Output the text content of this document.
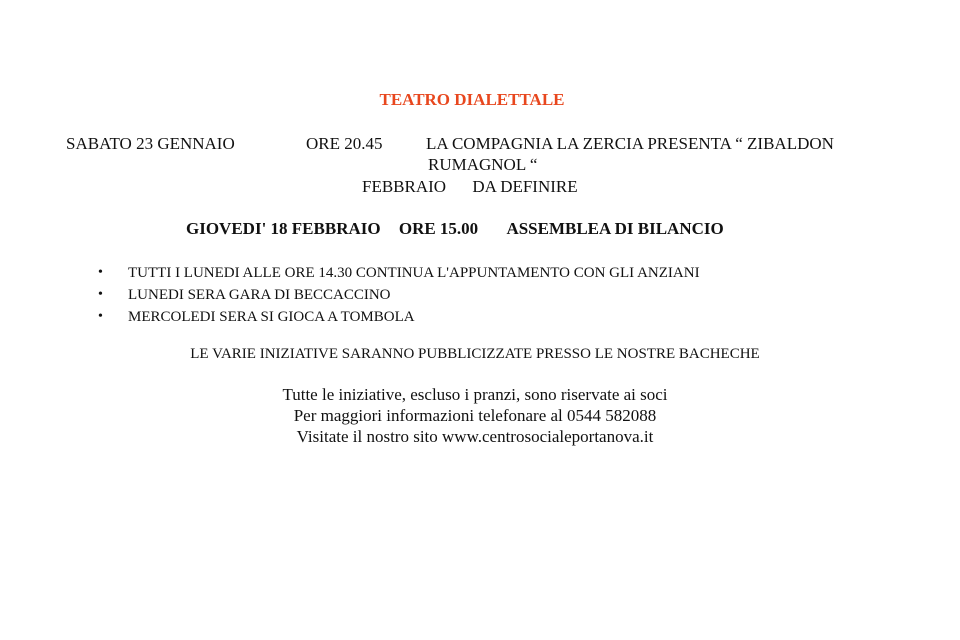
TEATRO DIALETTALE
SABATO 23 GENNAIO	ORE 20.45	LA COMPAGNIA LA ZERCIA PRESENTA “ ZIBALDON
RUMAGNOL “
FEBBRAIO DA DEFINIRE
GIOVEDI' 18 FEBBRAIO ORE 15.00 ASSEMBLEA DI BILANCIO
• TUTTI I LUNEDI ALLE ORE 14.30 CONTINUA L'APPUNTAMENTO CON GLI ANZIANI
• LUNEDI SERA GARA DI BECCACCINO
• MERCOLEDI SERA SI GIOCA A TOMBOLA
LE VARIE INIZIATIVE SARANNO PUBBLICIZZATE PRESSO LE NOSTRE BACHECHE
Tutte le iniziative, escluso i pranzi, sono riservate ai soci
Per maggiori informazioni telefonare al 0544 582088
Visitate il nostro sito www.centrosocialeportanova.it
